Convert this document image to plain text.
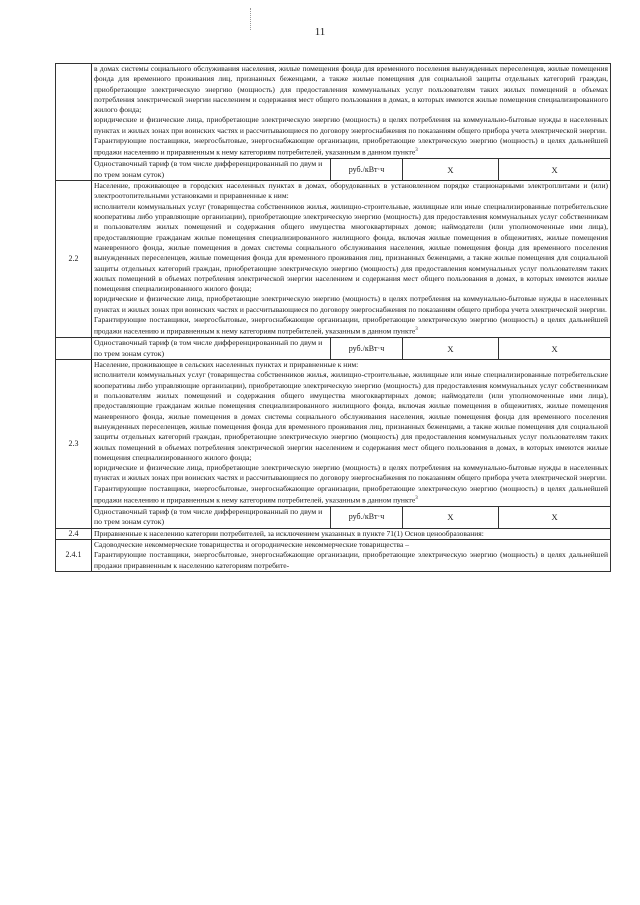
11

	в домах системы социального обслуживания населения, жилые помещения фонда для временного поселения вынужденных переселенцев, жилые помещения фонда для временного проживания лиц, признанных беженцами, а также жилые помещения для социальной защиты отдельных категорий граждан, приобретающие электрическую энергию (мощность) для предоставления коммунальных услуг пользователям таких жилых помещений в объемах потребления электрической энергии населением и содержания мест общего пользования в домах, в которых имеются жилые помещения специализированного жилого фонда;

юридические и физические лица, приобретающие электрическую энергию (мощность) в целях потребления на коммунально-бытовые нужды в населенных пунктах и жилых зонах при воинских частях и рассчитывающиеся по договору энергоснабжения по показаниям общего прибора учета электрической энергии.

Гарантирующие поставщики, энергосбытовые, энергоснабжающие организации, приобретающие электрическую энергию (мощность) в целях дальнейшей продажи населению и приравненным к нему категориям потребителей, указанным в данном пункте$^3$

	Одноставочный тариф (в том числе дифференцированный по двум и по трем зонам суток)	руб./кВт·ч	Х	Х
2.2	Население, проживающее в городских населенных пунктах в домах, оборудованных в установленном порядке стационарными электроплитами и (или) электроотопительными установками и приравненные к ним:

исполнители коммунальных услуг (товарищества собственников жилья, жилищно-строительные, жилищные или иные специализированные потребительские кооперативы либо управляющие организации), приобретающие электрическую энергию (мощность) для предоставления коммунальных услуг собственникам и пользователям жилых помещений и содержания общего имущества многоквартирных домов; наймодатели (или уполномоченные ими лица), предоставляющие гражданам жилые помещения специализированного жилищного фонда, включая жилые помещения в общежитиях, жилые помещения маневренного фонда, жилые помещения в домах системы социального обслуживания населения, жилые помещения фонда для временного поселения вынужденных переселенцев, жилые помещения фонда для временного проживания лиц, признанных беженцами, а также жилые помещения для социальной защиты отдельных категорий граждан, приобретающие электрическую энергию (мощность) для предоставления коммунальных услуг пользователям таких жилых помещений в объемах потребления электрической энергии населением и содержания мест общего пользования в домах, в которых имеются жилые помещения специализированного жилого фонда;

юридические и физические лица, приобретающие электрическую энергию (мощность) в целях потребления на коммунально-бытовые нужды в населенных пунктах и жилых зонах при воинских частях и рассчитывающиеся по договору энергоснабжения по показаниям общего прибора учета электрической энергии.

Гарантирующие поставщики, энергосбытовые, энергоснабжающие организации, приобретающие электрическую энергию (мощность) в целях дальнейшей продажи населению и приравненным к нему категориям потребителей, указанным в данном пункте$^3$

	Одноставочный тариф (в том числе дифференцированный по двум и по трем зонам суток)	руб./кВт·ч	Х	Х
2.3	Население, проживающее в сельских населенных пунктах и приравненные к ним:

исполнители коммунальных услуг (товарищества собственников жилья, жилищно-строительные, жилищные или иные специализированные потребительские кооперативы либо управляющие организации), приобретающие электрическую энергию (мощность) для предоставления коммунальных услуг собственникам и пользователям жилых помещений и содержания общего имущества многоквартирных домов; наймодатели (или уполномоченные ими лица), предоставляющие гражданам жилые помещения специализированного жилищного фонда, включая жилые помещения в общежитиях, жилые помещения маневренного фонда, жилые помещения в домах системы социального обслуживания населения, жилые помещения фонда для временного поселения вынужденных переселенцев, жилые помещения фонда для временного проживания лиц, признанных беженцами, а также жилые помещения для социальной защиты отдельных категорий граждан, приобретающие электрическую энергию (мощность) для предоставления коммунальных услуг пользователям таких жилых помещений в объемах потребления электрической энергии населением и содержания мест общего пользования в домах, в которых имеются жилые помещения специализированного жилого фонда;

юридические и физические лица, приобретающие электрическую энергию (мощность) в целях потребления на коммунально-бытовые нужды в населенных пунктах и жилых зонах при воинских частях и рассчитывающиеся по договору энергоснабжения по показаниям общего прибора учета электрической энергии.

Гарантирующие поставщики, энергосбытовые, энергоснабжающие организации, приобретающие электрическую энергию (мощность) в целях дальнейшей продажи населению и приравненным к нему категориям потребителей, указанным в данном пункте$^3$

	Одноставочный тариф (в том числе дифференцированный по двум и по трем зонам суток)	руб./кВт·ч	Х	Х
2.4	Приравненные к населению категории потребителей, за исключением указанных в пункте 71(1) Основ ценообразования:			
2.4.1	Садоводческие некоммерческие товарищества и огороднические некоммерческие товарищества –

Гарантирующие поставщики, энергосбытовые, энергоснабжающие организации, приобретающие электрическую энергию (мощность) в целях дальнейшей продажи приравненным к населению категориям потребите-			
